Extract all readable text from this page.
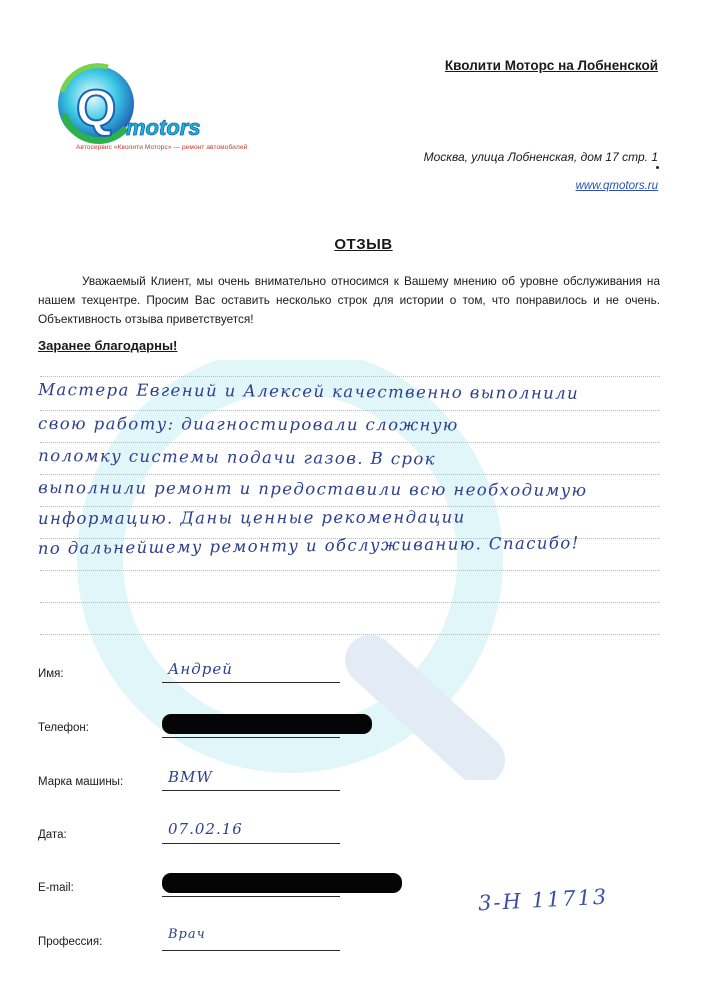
Q motors
Автосервис «Кволити Моторс» — ремонт автомобилей
Кволити Моторс на Лобненской
Москва, улица Лобненская, дом 17 стр. 1
www.qmotors.ru
ОТЗЫВ
Уважаемый Клиент, мы очень внимательно относимся к Вашему мнению об уровне обслуживания на нашем техцентре. Просим Вас оставить несколько строк для истории о том, что понравилось и не очень. Объективность отзыва приветствуется!
Заранее благодарны!
Мастера Евгений и Алексей качественно выполнили
свою работу: диагностировали сложную
поломку системы подачи газов. В срок
выполнили ремонт и предоставили всю необходимую
информацию. Даны ценные рекомендации
по дальнейшему ремонту и обслуживанию. Спасибо!
Имя:	Андрей
Телефон:
Марка машины:	BMW
Дата:	07.02.16
E-mail:
Профессия:	Врач
3-Н 11713
